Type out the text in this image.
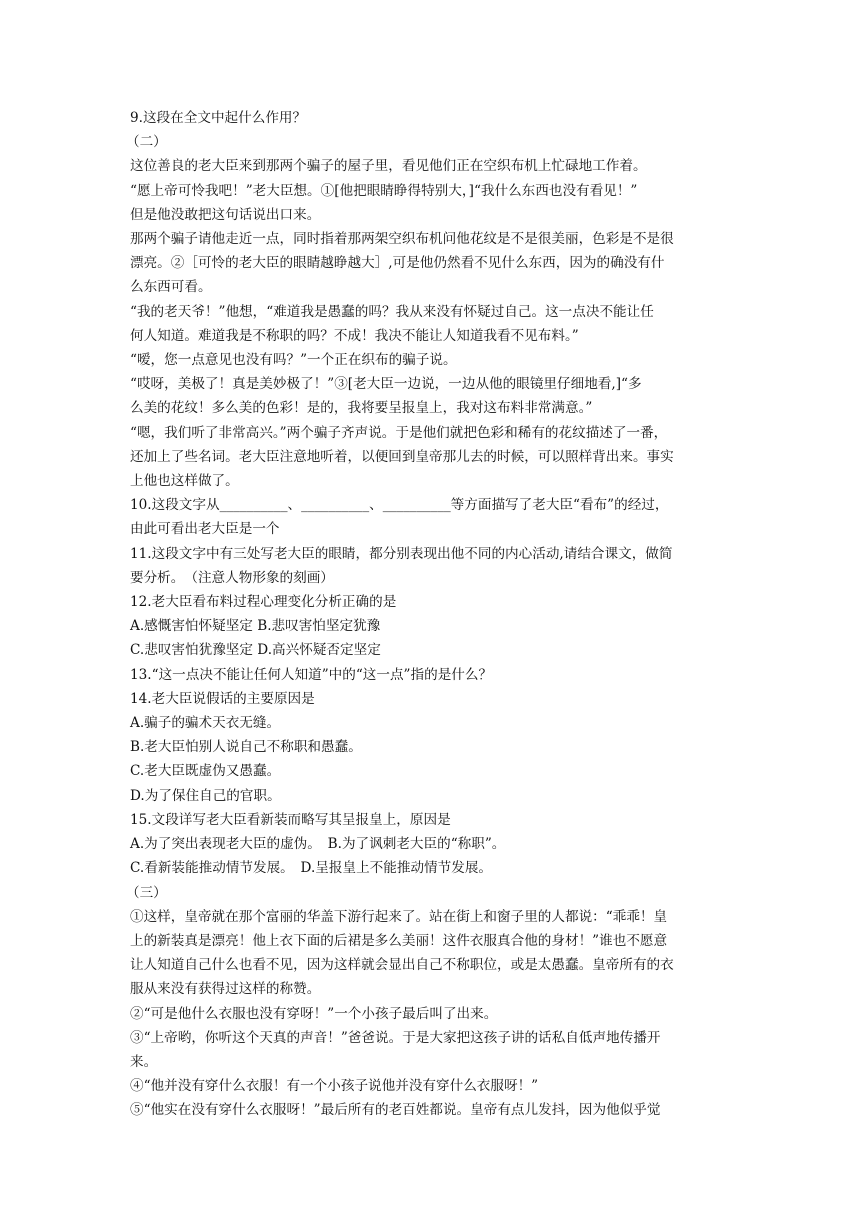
9.这段在全文中起什么作用？
（二）
这位善良的老大臣来到那两个骗子的屋子里，看见他们正在空织布机上忙碌地工作着。
“愿上帝可怜我吧！”老大臣想。①[他把眼睛睁得特别大，]“我什么东西也没有看见！”
但是他没敢把这句话说出口来。
那两个骗子请他走近一点，同时指着那两架空织布机问他花纹是不是很美丽，色彩是不是很
漂亮。②［可怜的老大臣的眼睛越睁越大］,可是他仍然看不见什么东西，因为的确没有什
么东西可看。
“我的老天爷！”他想，“难道我是愚蠢的吗？我从来没有怀疑过自己。这一点决不能让任
何人知道。难道我是不称职的吗？不成！我决不能让人知道我看不见布料。”
“嗳，您一点意见也没有吗？”一个正在织布的骗子说。
“哎呀，美极了！真是美妙极了！”③[老大臣一边说，一边从他的眼镜里仔细地看,]“多
么美的花纹！多么美的色彩！是的，我将要呈报皇上，我对这布料非常满意。”
“嗯，我们听了非常高兴。”两个骗子齐声说。于是他们就把色彩和稀有的花纹描述了一番，
还加上了些名词。老大臣注意地听着，以便回到皇帝那儿去的时候，可以照样背出来。事实
上他也这样做了。
10.这段文字从__________、__________、__________等方面描写了老大臣“看布”的经过，
由此可看出老大臣是一个
11.这段文字中有三处写老大臣的眼睛，都分别表现出他不同的内心活动,请结合课文，做简
要分析。　（注意人物形象的刻画）
12.老大臣看布料过程心理变化分析正确的是
A.感慨害怕怀疑坚定 B.悲叹害怕坚定犹豫
C.悲叹害怕犹豫坚定 D.高兴怀疑否定坚定
13.“这一点决不能让任何人知道”中的“这一点”指的是什么？
14.老大臣说假话的主要原因是
A.骗子的骗术天衣无缝。
B.老大臣怕别人说自己不称职和愚蠢。
C.老大臣既虚伪又愚蠢。
D.为了保住自己的官职。
15.文段详写老大臣看新装而略写其呈报皇上，原因是
A.为了突出表现老大臣的虚伪。　B.为了讽刺老大臣的“称职”。
C.看新装能推动情节发展。　D.呈报皇上不能推动情节发展。
（三）
①这样，皇帝就在那个富丽的华盖下游行起来了。站在街上和窗子里的人都说：“乖乖！皇
上的新装真是漂亮！他上衣下面的后裙是多么美丽！这件衣服真合他的身材！”谁也不愿意
让人知道自己什么也看不见，因为这样就会显出自己不称职位，或是太愚蠢。皇帝所有的衣
服从来没有获得过这样的称赞。
②“可是他什么衣服也没有穿呀！”一个小孩子最后叫了出来。
③“上帝哟，你听这个天真的声音！”爸爸说。于是大家把这孩子讲的话私自低声地传播开
来。
④“他并没有穿什么衣服！有一个小孩子说他并没有穿什么衣服呀！”
⑤“他实在没有穿什么衣服呀！”最后所有的老百姓都说。皇帝有点儿发抖，因为他似乎觉
